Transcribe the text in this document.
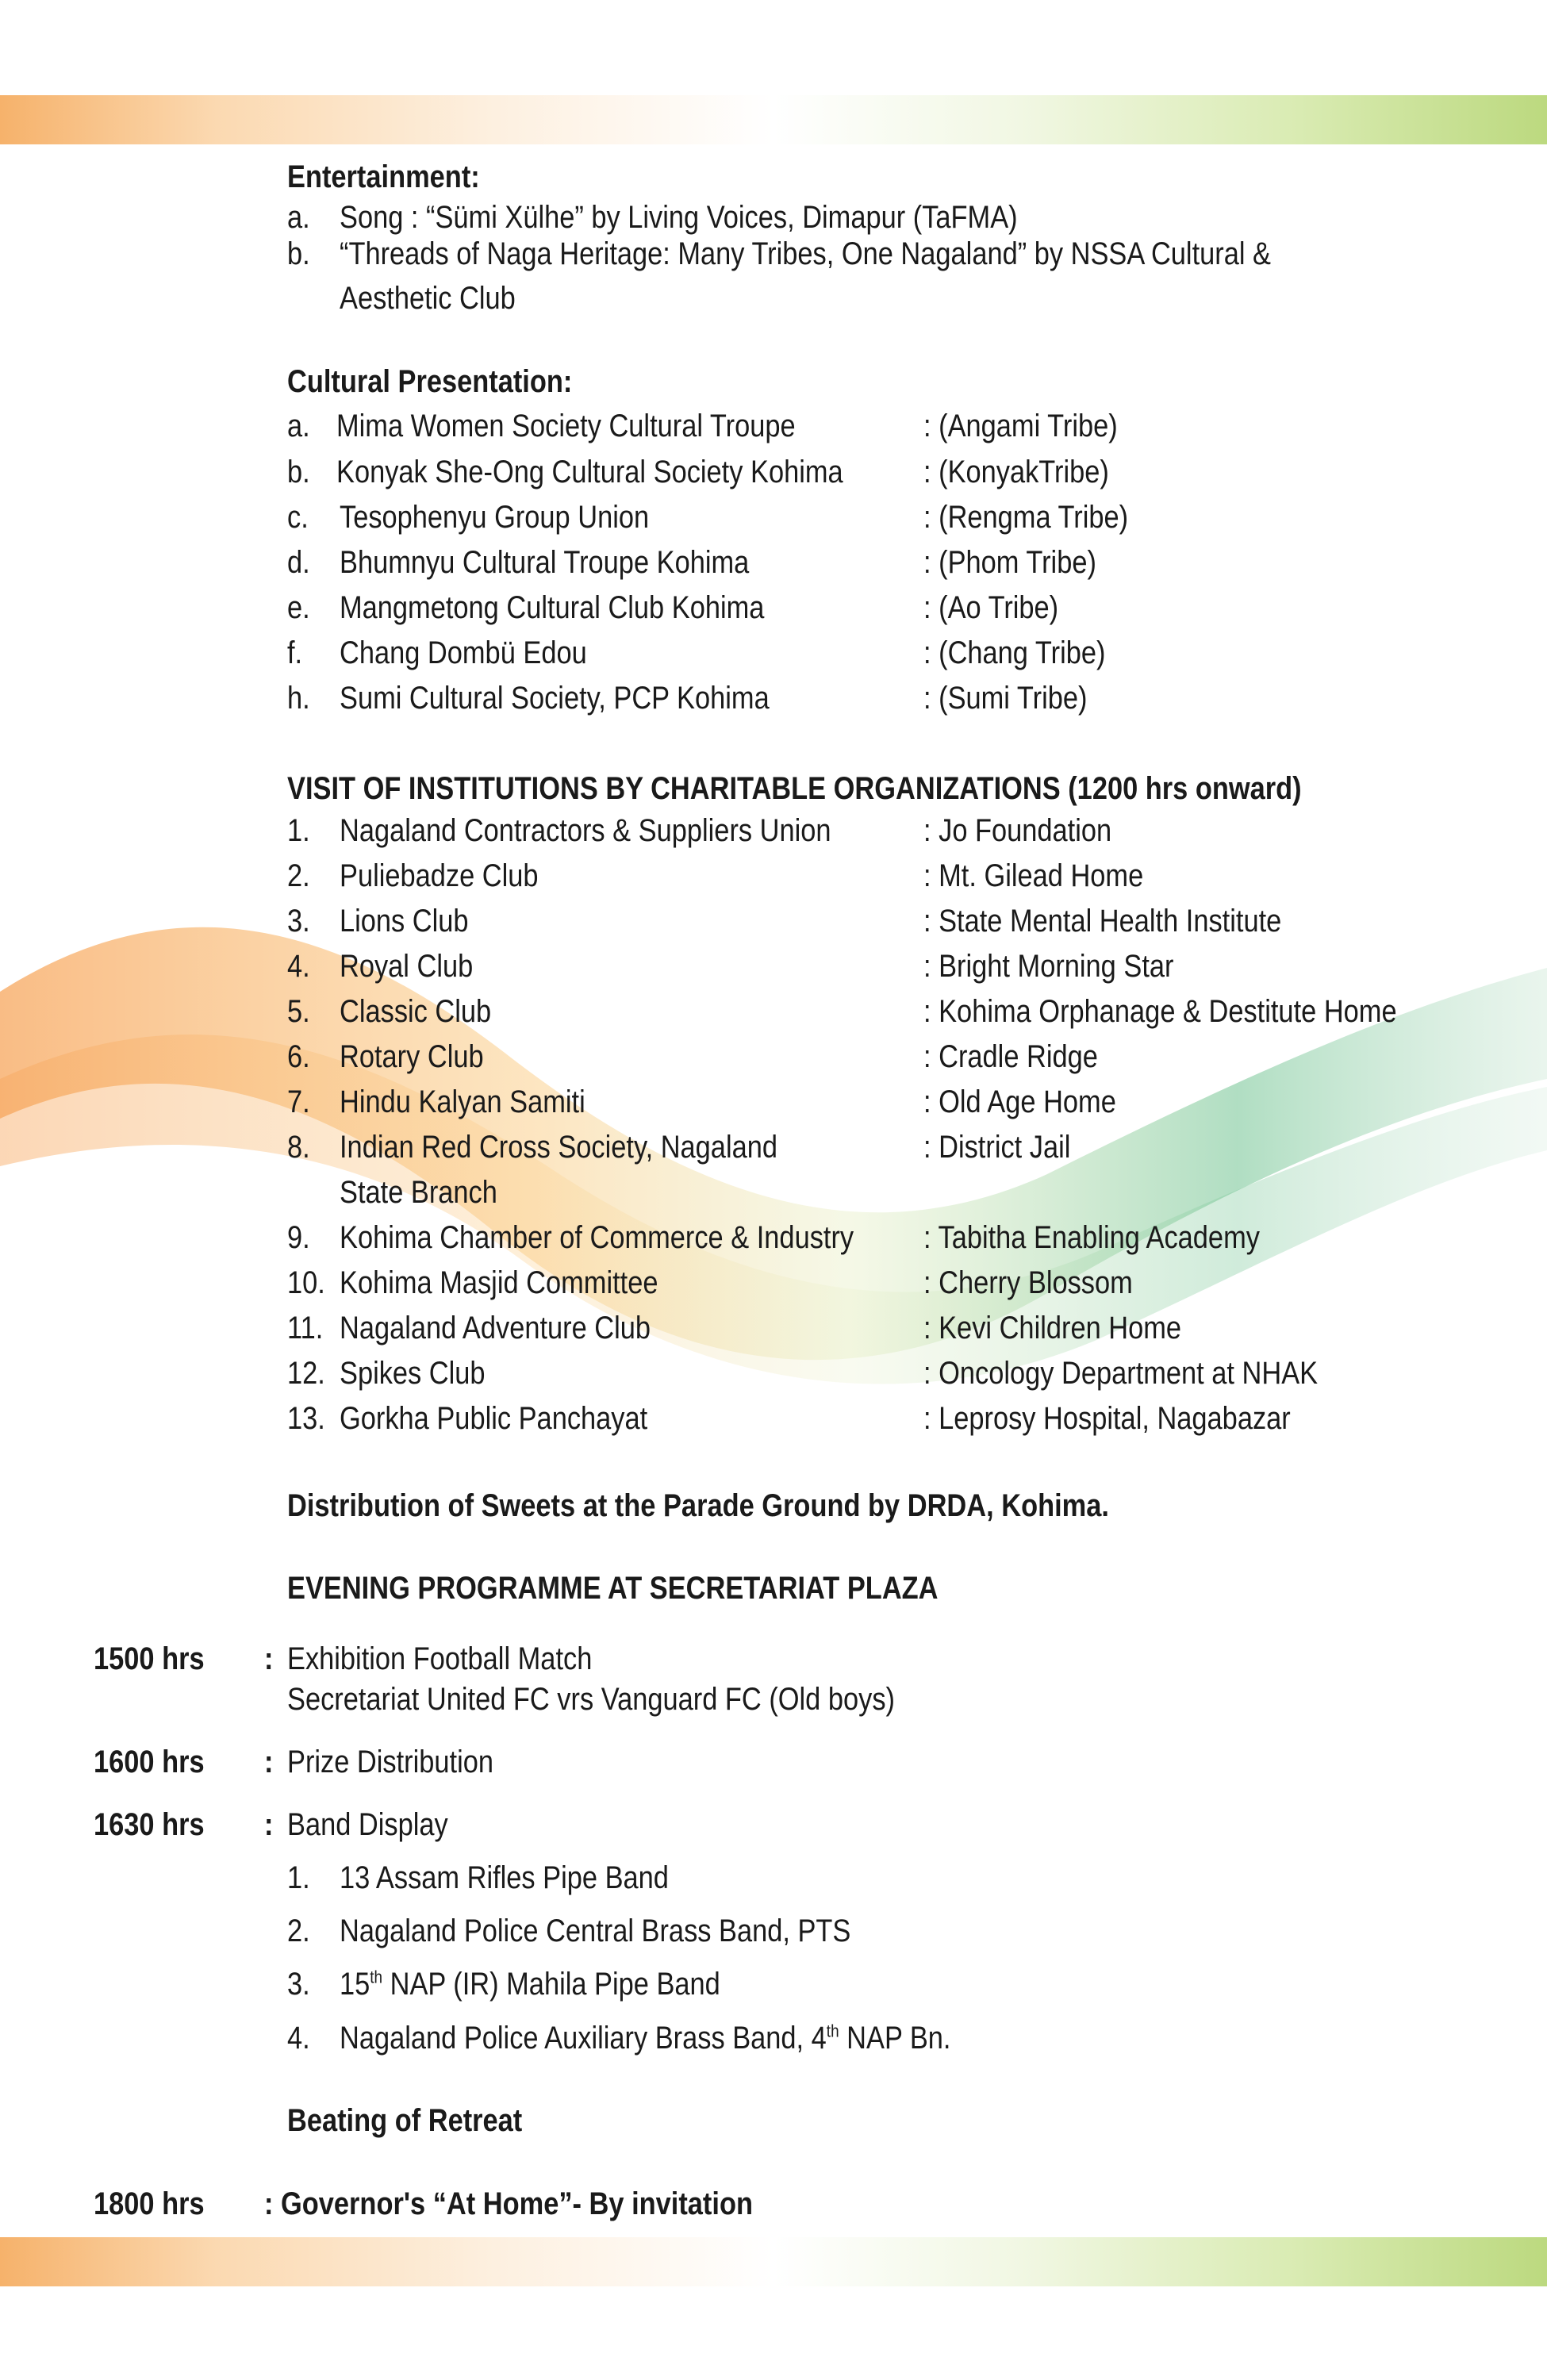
Entertainment:
a. Song : “Sümi Xülhe” by Living Voices, Dimapur (TaFMA)
b. “Threads of Naga Heritage: Many Tribes, One Nagaland” by NSSA Cultural &
Aesthetic Club
Cultural Presentation:
a. Mima Women Society Cultural Troupe	: (Angami Tribe)
b. Konyak She-Ong Cultural Society Kohima	: (KonyakTribe)
c. Tesophenyu Group Union	: (Rengma Tribe)
d. Bhumnyu Cultural Troupe Kohima	: (Phom Tribe)
e. Mangmetong Cultural Club Kohima	: (Ao Tribe)
f. Chang Dombü Edou	: (Chang Tribe)
h. Sumi Cultural Society, PCP Kohima	: (Sumi Tribe)
VISIT OF INSTITUTIONS BY CHARITABLE ORGANIZATIONS (1200 hrs onward)
1. Nagaland Contractors & Suppliers Union	: Jo Foundation
2. Puliebadze Club	: Mt. Gilead Home
3. Lions Club	: State Mental Health Institute
4. Royal Club	: Bright Morning Star
5. Classic Club	: Kohima Orphanage & Destitute Home
6. Rotary Club	: Cradle Ridge
7. Hindu Kalyan Samiti	: Old Age Home
8. Indian Red Cross Society, Nagaland	: District Jail
State Branch
9. Kohima Chamber of Commerce & Industry : Tabitha Enabling Academy
10. Kohima Masjid Committee	: Cherry Blossom
11. Nagaland Adventure Club	: Kevi Children Home
12. Spikes Club	: Oncology Department at NHAK
13. Gorkha Public Panchayat	: Leprosy Hospital, Nagabazar
Distribution of Sweets at the Parade Ground by DRDA, Kohima.
EVENING PROGRAMME AT SECRETARIAT PLAZA
1500 hrs : Exhibition Football Match
Secretariat United FC vrs Vanguard FC (Old boys)
1600 hrs : Prize Distribution
1630 hrs : Band Display
1. 13 Assam Rifles Pipe Band
2. Nagaland Police Central Brass Band, PTS
3. 15th NAP (IR) Mahila Pipe Band
4. Nagaland Police Auxiliary Brass Band, 4th NAP Bn.
Beating of Retreat
1800 hrs : Governor's “At Home”- By invitation
